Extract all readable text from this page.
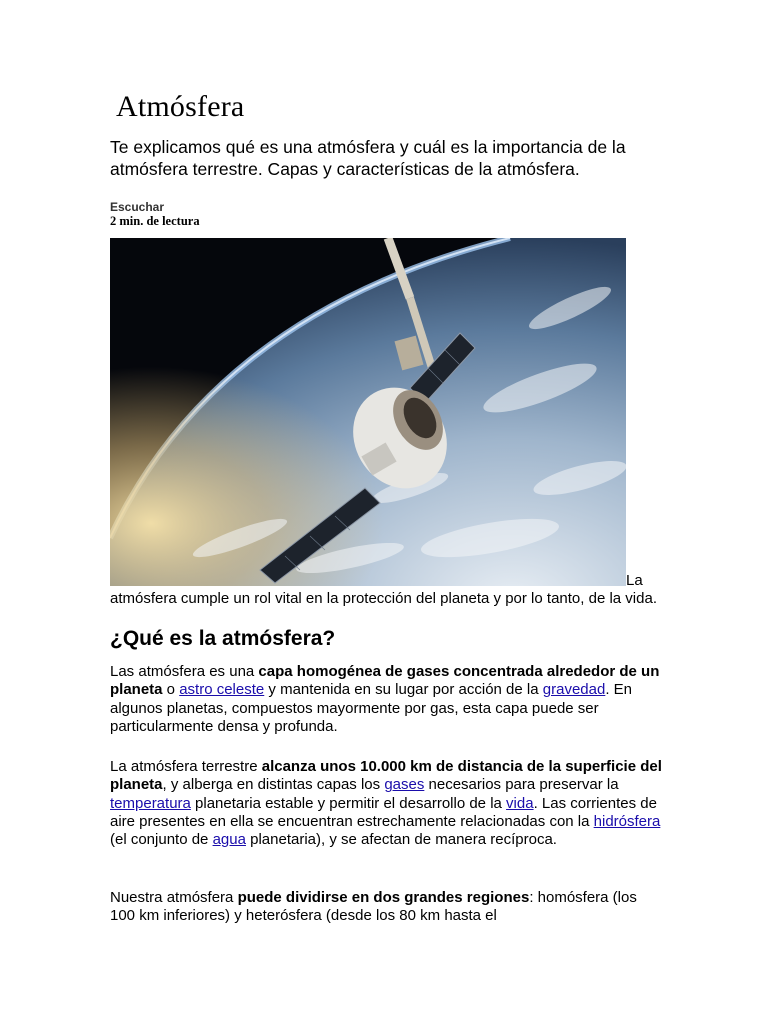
Atmósfera

Te explicamos qué es una atmósfera y cuál es la importancia de la atmósfera terrestre. Capas y características de la atmósfera.

Escuchar

2 min. de lectura

La atmósfera cumple un rol vital en la protección del planeta y por lo tanto, de la vida.
¿Qué es la atmósfera?

Las atmósfera es una capa homogénea de gases concentrada alrededor de un planeta o astro celeste y mantenida en su lugar por acción de la gravedad. En algunos planetas, compuestos mayormente por gas, esta capa puede ser particularmente densa y profunda.

La atmósfera terrestre alcanza unos 10.000 km de distancia de la superficie del planeta, y alberga en distintas capas los gases necesarios para preservar la temperatura planetaria estable y permitir el desarrollo de la vida. Las corrientes de aire presentes en ella se encuentran estrechamente relacionadas con la hidrósfera (el conjunto de agua planetaria), y se afectan de manera recíproca.

Nuestra atmósfera puede dividirse en dos grandes regiones: homósfera (los 100 km inferiores) y heterósfera (desde los 80 km hasta el
